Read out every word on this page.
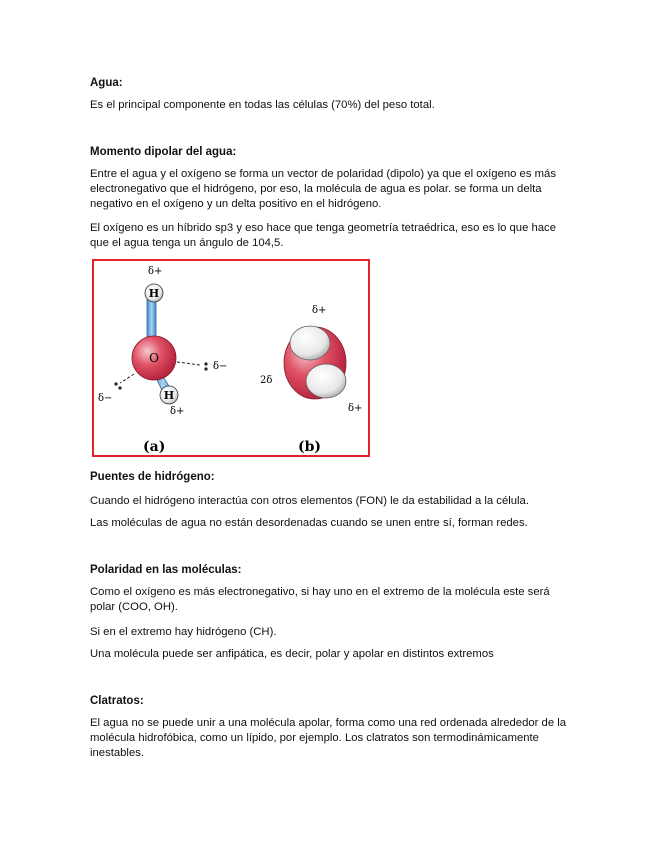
Agua:
Es el principal componente en todas las células (70%) del peso total.
Momento dipolar del agua:
Entre el agua y el oxígeno se forma un vector de polaridad (dipolo) ya que el oxígeno es más electronegativo que el hidrógeno, por eso, la molécula de agua es polar. se forma un delta negativo en el oxígeno y un delta positivo en el hidrógeno.
El oxígeno es un híbrido sp3 y eso hace que tenga geometría tetraédrica, eso es lo que hace que el agua tenga un ángulo de 104,5.
H
O
H
δ+
δ+
δ−
δ−
(a)
δ+
2δ
δ+
(b)
Puentes de hidrógeno:
Cuando el hidrógeno interactúa con otros elementos (FON) le da estabilidad a la célula.
Las moléculas de agua no están desordenadas cuando se unen entre sí, forman redes.
Polaridad en las moléculas:
Como el oxígeno es más electronegativo, si hay uno en el extremo de la molécula este será polar (COO, OH).
Si en el extremo hay hidrógeno (CH).
Una molécula puede ser anfipática, es decir, polar y apolar en distintos extremos
Clatratos:
El agua no se puede unir a una molécula apolar, forma como una red ordenada alrededor de la molécula hidrofóbica, como un lípido, por ejemplo. Los clatratos son termodinámicamente inestables.
